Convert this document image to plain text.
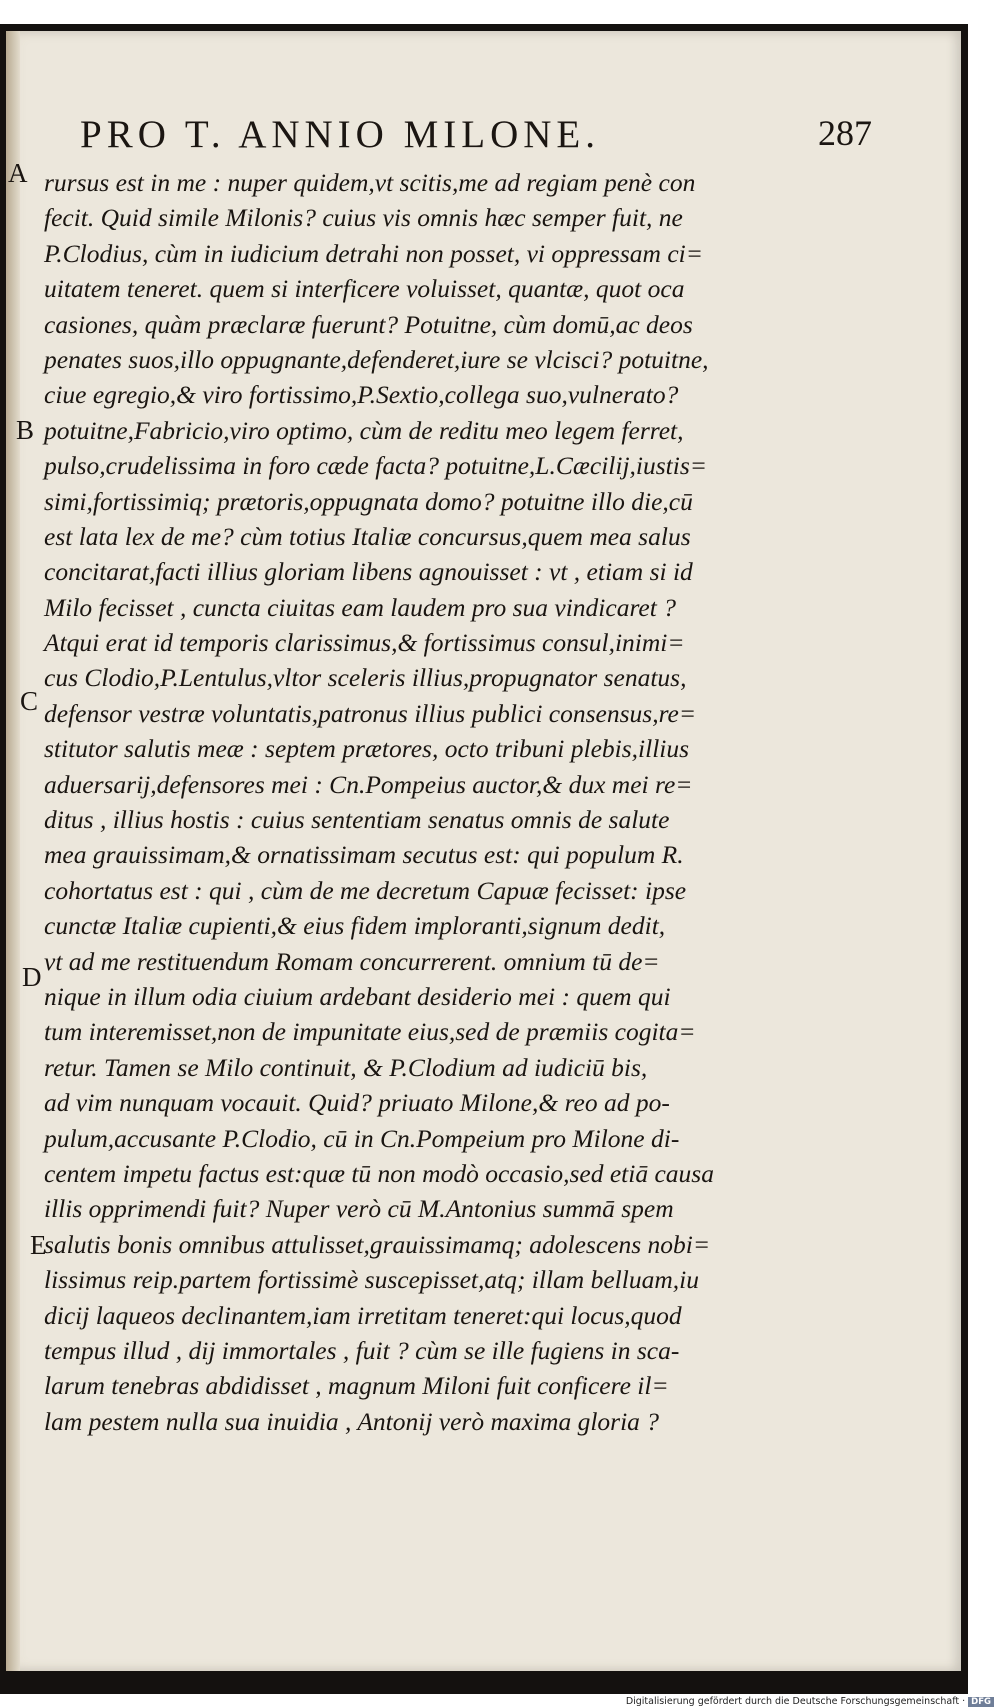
PRO T. ANNIO MILONE.	287
A
B
C
D
E
rursus est in me : nuper quidem,vt scitis,me ad regiam penè con
fecit. Quid simile Milonis? cuius vis omnis hæc semper fuit, ne
P.Clodius, cùm in iudicium detrahi non posset, vi oppressam ci=
uitatem teneret. quem si interficere voluisset, quantæ, quot oca
casiones, quàm præclaræ fuerunt? Potuitne, cùm domū,ac deos
penates suos,illo oppugnante,defenderet,iure se vlcisci? potuitne,
ciue egregio,& viro fortissimo,P.Sextio,collega suo,vulnerato?
potuitne,Fabricio,viro optimo, cùm de reditu meo legem ferret,
pulso,crudelissima in foro cæde facta? potuitne,L.Cæcilij,iustis=
simi,fortissimiq; prætoris,oppugnata domo? potuitne illo die,cū
est lata lex de me? cùm totius Italiæ concursus,quem mea salus
concitarat,facti illius gloriam libens agnouisset : vt , etiam si id
Milo fecisset , cuncta ciuitas eam laudem pro sua vindicaret ?
Atqui erat id temporis clarissimus,& fortissimus consul,inimi=
cus Clodio,P.Lentulus,vltor sceleris illius,propugnator senatus,
defensor vestræ voluntatis,patronus illius publici consensus,re=
stitutor salutis meæ : septem prætores, octo tribuni plebis,illius
aduersarij,defensores mei : Cn.Pompeius auctor,& dux mei re=
ditus , illius hostis : cuius sententiam senatus omnis de salute
mea grauissimam,& ornatissimam secutus est: qui populum R.
cohortatus est : qui , cùm de me decretum Capuæ fecisset: ipse
cunctæ Italiæ cupienti,& eius fidem imploranti,signum dedit,
vt ad me restituendum Romam concurrerent. omnium tū de=
nique in illum odia ciuium ardebant desiderio mei : quem qui
tum interemisset,non de impunitate eius,sed de præmiis cogita=
retur. Tamen se Milo continuit, & P.Clodium ad iudiciū bis,
ad vim nunquam vocauit. Quid? priuato Milone,& reo ad po-
pulum,accusante P.Clodio, cū in Cn.Pompeium pro Milone di-
centem impetu factus est:quæ tū non modò occasio,sed etiā causa
illis opprimendi fuit? Nuper verò cū M.Antonius summā spem
salutis bonis omnibus attulisset,grauissimamq; adolescens nobi=
lissimus reip.partem fortissimè suscepisset,atq; illam belluam,iu
dicij laqueos declinantem,iam irretitam teneret:qui locus,quod
tempus illud , dij immortales , fuit ? cùm se ille fugiens in sca-
larum tenebras abdidisset , magnum Miloni fuit conficere il=
lam pestem nulla sua inuidia , Antonij verò maxima gloria ?
Digitalisierung gefördert durch die Deutsche Forschungsgemeinschaft · DFG
